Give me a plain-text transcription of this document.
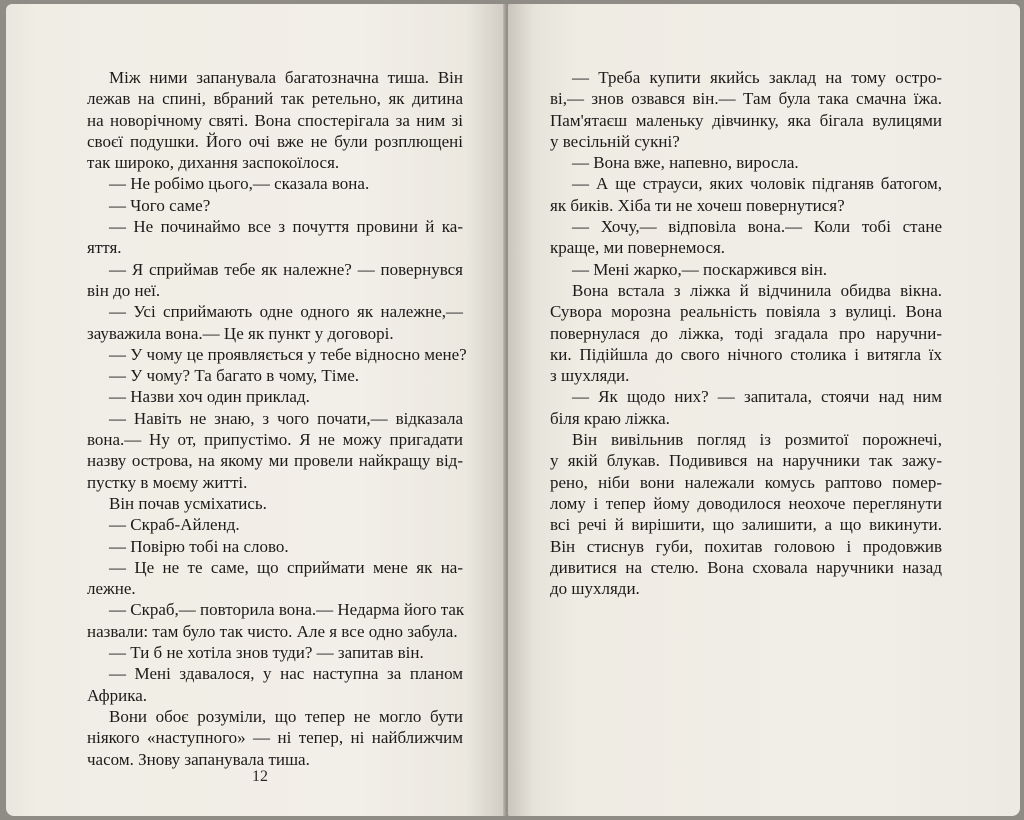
Між ними запанувала багатозначна тиша. Він
лежав на спині, вбраний так ретельно, як дитина
на новорічному святі. Вона спостерігала за ним зі
своєї подушки. Його очі вже не були розплющені
так широко, дихання заспокоїлося.
— Не робімо цього,— сказала вона.
— Чого саме?
— Не починаймо все з почуття провини й ка-
яття.
— Я сприймав тебе як належне? — повернувся
він до неї.
— Усі сприймають одне одного як належне,—
зауважила вона.— Це як пункт у договорі.
— У чому це проявляється у тебе відносно мене?
— У чому? Та багато в чому, Тіме.
— Назви хоч один приклад.
— Навіть не знаю, з чого почати,— відказала
вона.— Ну от, припустімо. Я не можу пригадати
назву острова, на якому ми провели найкращу від-
пустку в моєму житті.
Він почав усміхатись.
— Скраб-Айленд.
— Повірю тобі на слово.
— Це не те саме, що сприймати мене як на-
лежне.
— Скраб,— повторила вона.— Недарма його так
назвали: там було так чисто. Але я все одно забула.
— Ти б не хотіла знов туди? — запитав він.
— Мені здавалося, у нас наступна за планом
Африка.
Вони обоє розуміли, що тепер не могло бути
ніякого «наступного» — ні тепер, ні найближчим
часом. Знову запанувала тиша.
12
— Треба купити якийсь заклад на тому остро-
ві,— знов озвався він.— Там була така смачна їжа.
Пам'ятаєш маленьку дівчинку, яка бігала вулицями
у весільній сукні?
— Вона вже, напевно, виросла.
— А ще страуси, яких чоловік підганяв батогом,
як биків. Хіба ти не хочеш повернутися?
— Хочу,— відповіла вона.— Коли тобі стане
краще, ми повернемося.
— Мені жарко,— поскаржився він.
Вона встала з ліжка й відчинила обидва вікна.
Сувора морозна реальність повіяла з вулиці. Вона
повернулася до ліжка, тоді згадала про наручни-
ки. Підійшла до свого нічного столика і витягла їх
з шухляди.
— Як щодо них? — запитала, стоячи над ним
біля краю ліжка.
Він вивільнив погляд із розмитої порожнечі,
у якій блукав. Подивився на наручники так зажу-
рено, ніби вони належали комусь раптово помер-
лому і тепер йому доводилося неохоче переглянути
всі речі й вирішити, що залишити, а що викинути.
Він стиснув губи, похитав головою і продовжив
дивитися на стелю. Вона сховала наручники назад
до шухляди.
